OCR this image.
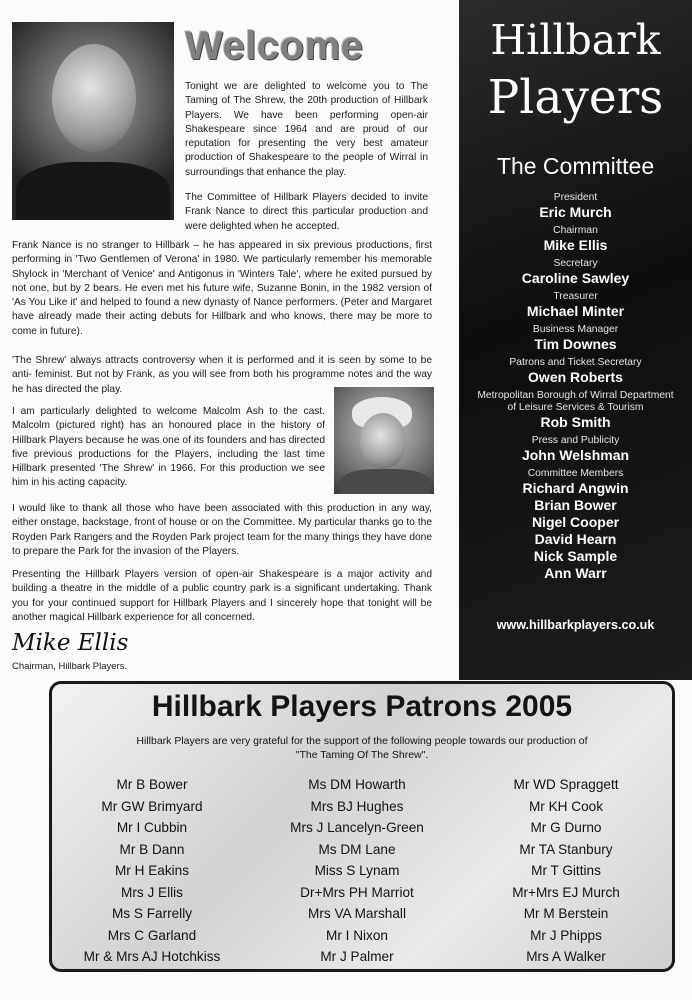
Welcome

Tonight we are delighted to welcome you to The Taming of The Shrew, the 20th production of Hillbark Players. We have been performing open-air Shakespeare since 1964 and are proud of our reputation for presenting the very best amateur production of Shakespeare to the people of Wirral in surroundings that enhance the play.

The Committee of Hillbark Players decided to invite Frank Nance to direct this particular production and were delighted when he accepted.

Frank Nance is no stranger to Hillbark – he has appeared in six previous productions, first performing in 'Two Gentlemen of Verona' in 1980. We particularly remember his memorable Shylock in 'Merchant of Venice' and Antigonus in 'Winters Tale', where he exited pursued by not one, but by 2 bears. He even met his future wife, Suzanne Bonin, in the 1982 version of 'As You Like it' and helped to found a new dynasty of Nance performers. (Peter and Margaret have already made their acting debuts for Hillbark and who knows, there may be more to come in future).

'The Shrew' always attracts controversy when it is performed and it is seen by some to be anti- feminist. But not by Frank, as you will see from both his programme notes and the way he has directed the play.

I am particularly delighted to welcome Malcolm Ash to the cast. Malcolm (pictured right) has an honoured place in the history of Hillbark Players because he was one of its founders and has directed five previous productions for the Players, including the last time Hillbark presented 'The Shrew' in 1966. For this production we see him in his acting capacity.

I would like to thank all those who have been associated with this production in any way, either onstage, backstage, front of house or on the Committee. My particular thanks go to the Royden Park Rangers and the Royden Park project team for the many things they have done to prepare the Park for the invasion of the Players.

Presenting the Hillbark Players version of open-air Shakespeare is a major activity and building a theatre in the middle of a public country park is a significant undertaking. Thank you for your continued support for Hillbark Players and I sincerely hope that tonight will be another magical Hillbark experience for all concerned.

Mike Ellis
Chairman, Hillbark Players.
Hillbark
Players
The Committee
President
Eric Murch
Chairman
Mike Ellis
Secretary
Caroline Sawley
Treasurer
Michael Minter
Business Manager
Tim Downes
Patrons and Ticket Secretary
Owen Roberts
Metropolitan Borough of Wirral Department of Leisure Services & Tourism
Rob Smith
Press and Publicity
John Welshman
Committee Members
Richard Angwin
Brian Bower
Nigel Cooper
David Hearn
Nick Sample
Ann Warr
www.hillbarkplayers.co.uk
Hillbark Players Patrons 2005
Hillbark Players are very grateful for the support of the following people towards our production of
"The Taming Of The Shrew".
Mr B Bower
Mr GW Brimyard
Mr I Cubbin
Mr B Dann
Mr H Eakins
Mrs J Ellis
Ms S Farrelly
Mrs C Garland
Mr & Mrs AJ Hotchkiss
Ms DM Howarth
Mrs BJ Hughes
Mrs J Lancelyn-Green
Ms DM Lane
Miss S Lynam
Dr+Mrs PH Marriot
Mrs VA Marshall
Mr I Nixon
Mr J Palmer
Mr WD Spraggett
Mr KH Cook
Mr G Durno
Mr TA Stanbury
Mr T Gittins
Mr+Mrs EJ Murch
Mr M Berstein
Mr J Phipps
Mrs A Walker
